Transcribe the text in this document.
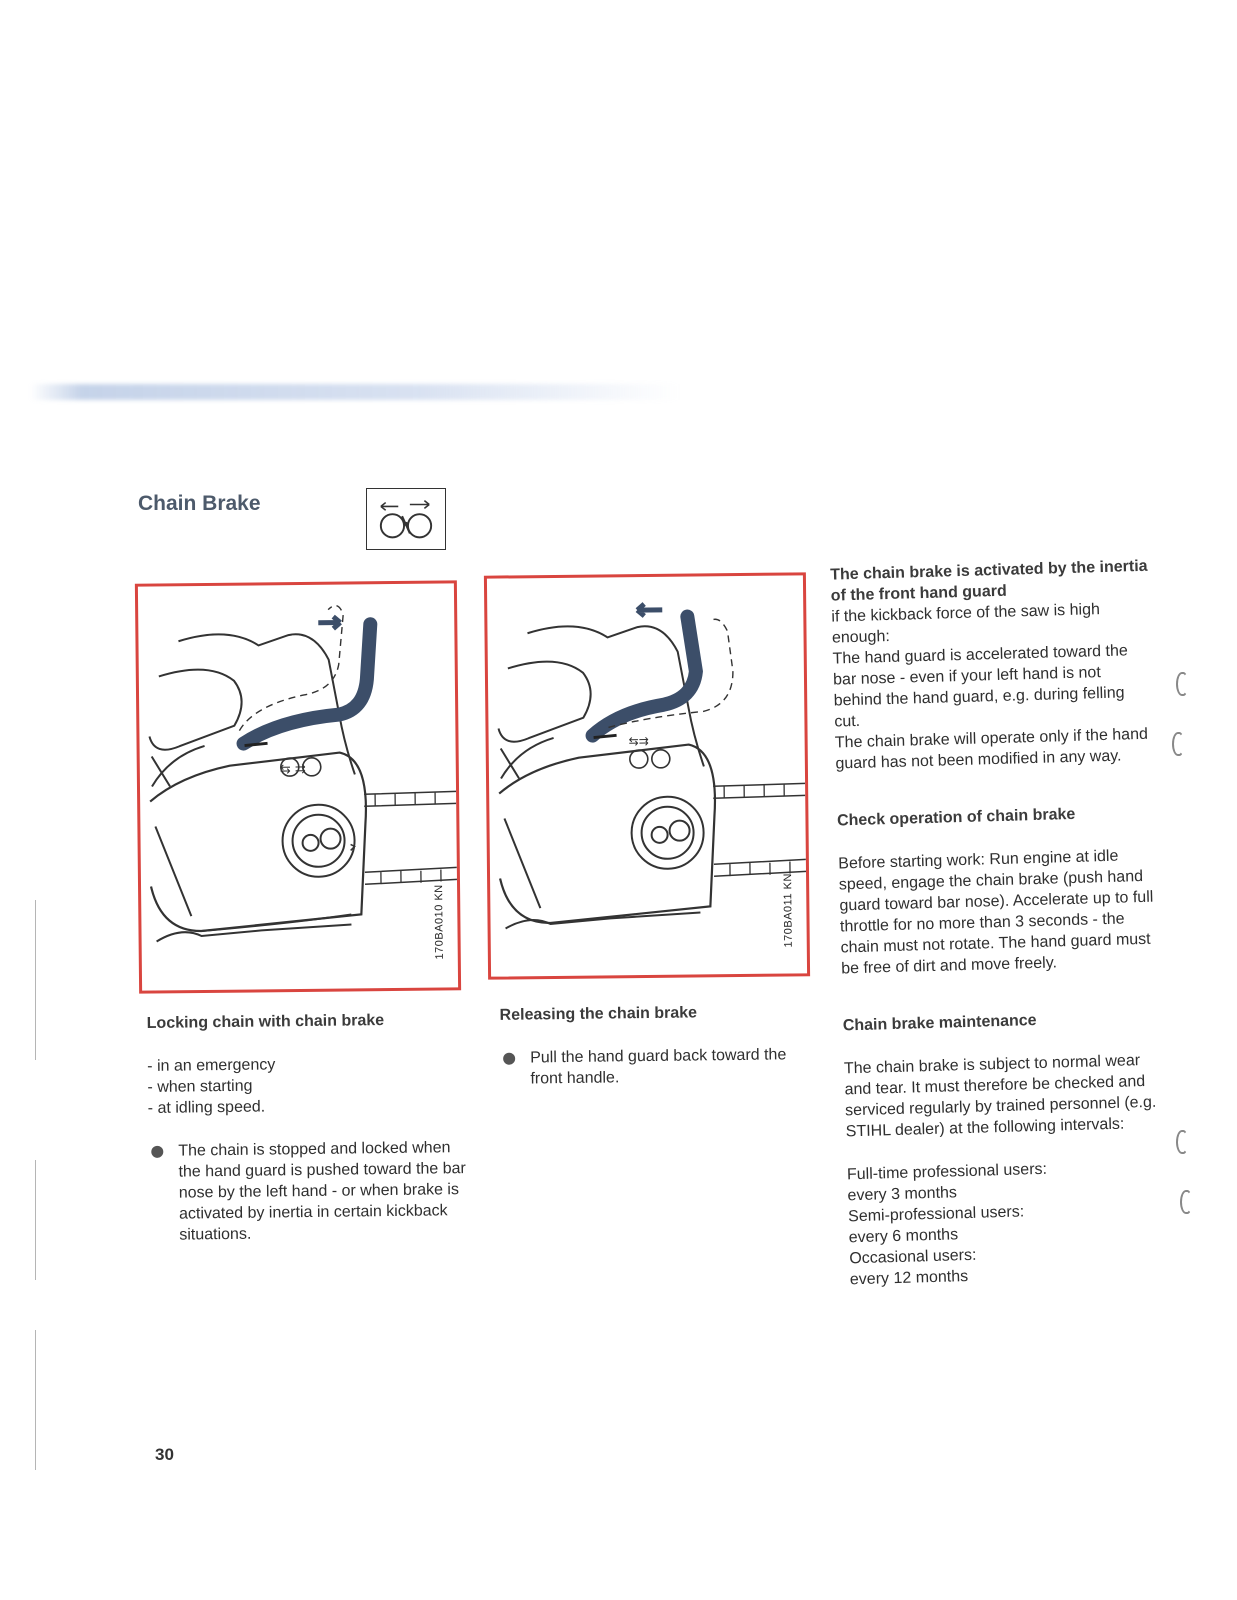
Chain Brake
⇆ ⇉
170BA010 KN
⇆⇉
170BA011 KN
Locking chain with chain brake
- in an emergency
- when starting
- at idling speed.

The chain is stopped and locked when the hand guard is pushed toward the bar nose by the left hand - or when brake is activated by inertia in certain kickback situations.

Releasing the chain brake

Pull the hand guard back toward the front handle.

The chain brake is activated by the inertia of the front hand guard

if the kickback force of the saw is high enough:

The hand guard is accelerated toward the bar nose - even if your left hand is not behind the hand guard, e.g. during felling cut.

The chain brake will operate only if the hand guard has not been modified in any way.

Check operation of chain brake

Before starting work: Run engine at idle speed, engage the chain brake (push hand guard toward bar nose). Accelerate up to full throttle for no more than 3 seconds - the chain must not rotate. The hand guard must be free of dirt and move freely.

Chain brake maintenance

The chain brake is subject to normal wear and tear. It must therefore be checked and serviced regularly by trained personnel (e.g. STIHL dealer) at the following intervals:

Full-time professional users:

every 3 months

Semi-professional users:

every 6 months

Occasional users:

every 12 months

30
